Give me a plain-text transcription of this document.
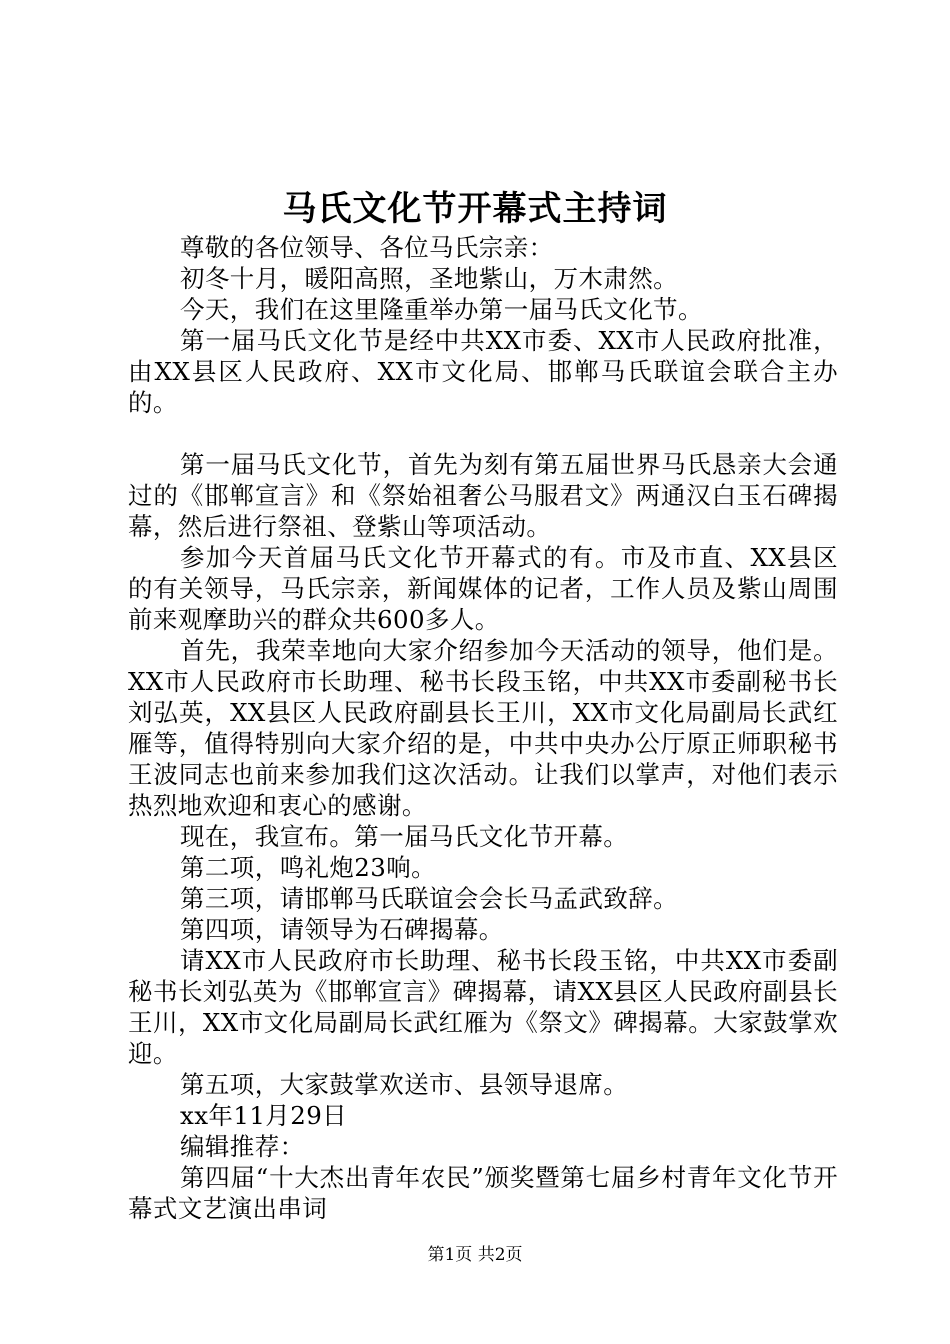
马氏文化节开幕式主持词

尊敬的各位领导、各位马氏宗亲：

初冬十月，暖阳高照，圣地紫山，万木肃然。

今天，我们在这里隆重举办第一届马氏文化节。

第一届马氏文化节是经中共XX市委、XX市人民政府批准，由XX县区人民政府、XX市文化局、邯郸马氏联谊会联合主办的。

第一届马氏文化节，首先为刻有第五届世界马氏恳亲大会通过的《邯郸宣言》和《祭始祖奢公马服君文》两通汉白玉石碑揭幕，然后进行祭祖、登紫山等项活动。

参加今天首届马氏文化节开幕式的有。市及市直、XX县区的有关领导，马氏宗亲，新闻媒体的记者，工作人员及紫山周围前来观摩助兴的群众共600多人。

首先，我荣幸地向大家介绍参加今天活动的领导，他们是。XX市人民政府市长助理、秘书长段玉铭，中共XX市委副秘书长刘弘英，XX县区人民政府副县长王川，XX市文化局副局长武红雁等，值得特别向大家介绍的是，中共中央办公厅原正师职秘书王波同志也前来参加我们这次活动。让我们以掌声，对他们表示热烈地欢迎和衷心的感谢。

现在，我宣布。第一届马氏文化节开幕。

第二项，鸣礼炮23响。

第三项，请邯郸马氏联谊会会长马孟武致辞。

第四项，请领导为石碑揭幕。

请XX市人民政府市长助理、秘书长段玉铭，中共XX市委副秘书长刘弘英为《邯郸宣言》碑揭幕，请XX县区人民政府副县长王川，XX市文化局副局长武红雁为《祭文》碑揭幕。大家鼓掌欢迎。

第五项，大家鼓掌欢送市、县领导退席。

xx年11月29日

编辑推荐：

第四届“十大杰出青年农民”颁奖暨第七届乡村青年文化节开幕式文艺演出串词

第1页 共2页
